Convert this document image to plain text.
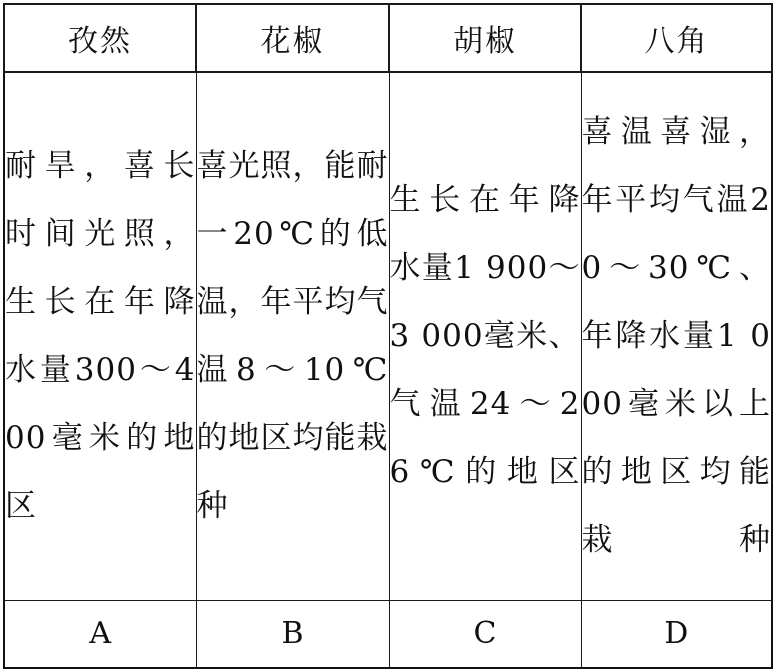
孜然	花椒	胡椒	八角

耐旱，喜长时间光照，生长在年降水量300～400毫米的地区	喜光照，能耐一20℃的低温，年平均气温8～10℃的地区均能栽种	生长在年降水量1 900～3 000毫米、气温24～26℃的地区	喜温喜湿，年平均气温20～30℃、年降水量1 000毫米以上的地区均能栽种

A	B	C	D
